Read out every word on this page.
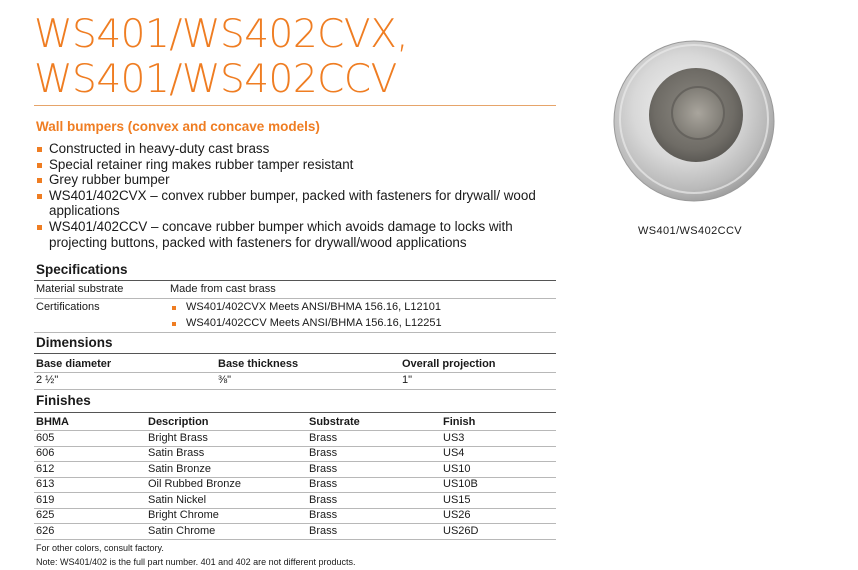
WS401/WS402CVX,
WS401/WS402CCV
Wall bumpers (convex and concave models)
Constructed in heavy-duty cast brass
Special retainer ring makes rubber tamper resistant
Grey rubber bumper
WS401/402CVX – convex rubber bumper, packed with fasteners for drywall/ wood applications
WS401/402CCV – concave rubber bumper which avoids damage to locks with projecting buttons, packed with fasteners for drywall/wood applications
WS401/WS402CCV
Specifications
Material substrate	Made from cast brass
Certifications	WS401/402CVX Meets ANSI/BHMA 156.16, L12101
WS401/402CCV Meets ANSI/BHMA 156.16, L12251
Dimensions
Base diameter	Base thickness	Overall projection
2 ½"	⅜"	1"
Finishes
BHMA	Description	Substrate	Finish
605	Bright Brass	Brass	US3
606	Satin Brass	Brass	US4
612	Satin Bronze	Brass	US10
613	Oil Rubbed Bronze	Brass	US10B
619	Satin Nickel	Brass	US15
625	Bright Chrome	Brass	US26
626	Satin Chrome	Brass	US26D
For other colors, consult factory.
Note: WS401/402 is the full part number. 401 and 402 are not different products.
